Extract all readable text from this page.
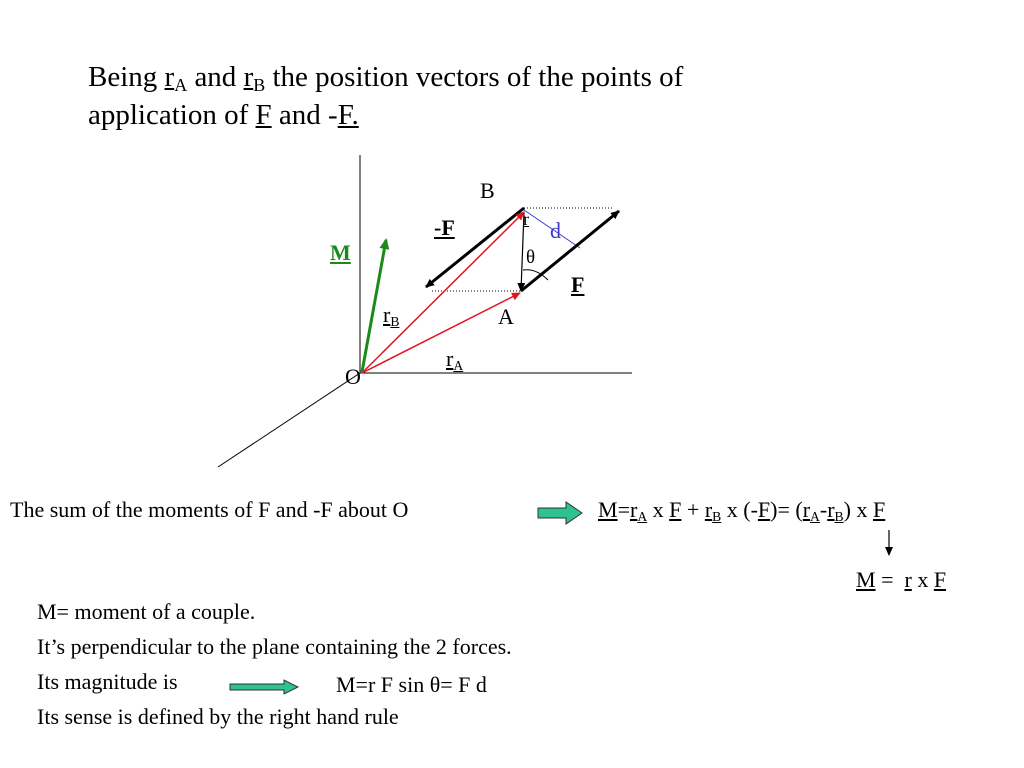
Being $r_A$ and $r_B$ the position vectors of the points of
application of F and -F.
B
A
O
-F
F
M
r d
θ
$r_B$
$r_A$
The sum of the moments of F and -F about O	$M=r_A$ x $F + r_B$ x $(-F)= (r_A-r_B)$ x F
M =  r x F
M= moment of a couple.
It’s perpendicular to the plane containing the 2 forces.
Its magnitude is	M=r F sin θ= F d
Its sense is defined by the right hand rule
